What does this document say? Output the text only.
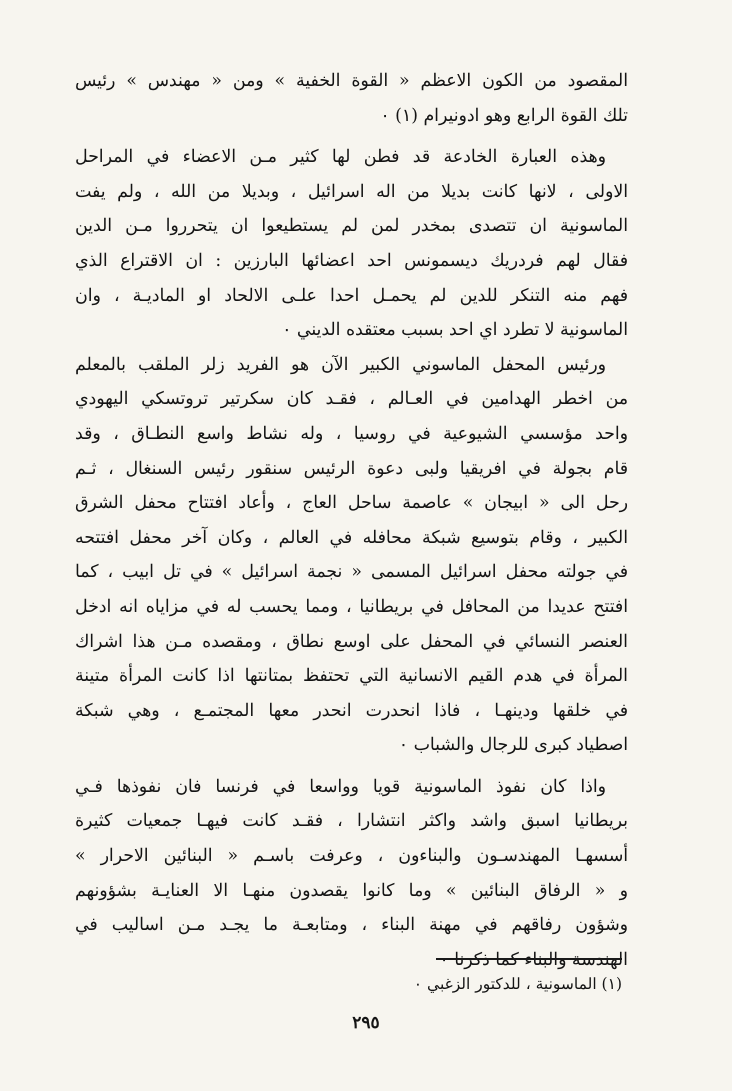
المقصود من الكون الاعظم « القوة الخفية » ومن « مهندس » رئيس
تلك القوة الرابع وهو ادونيرام (١) ٠
وهذه العبارة الخادعة قد فطن لها كثير مـن الاعضاء في المراحل
الاولى ، لانها كانت بديلا من اله اسرائيل ، وبديلا من الله ، ولم يفت
الماسونية ان تتصدى بمخدر لمن لم يستطيعوا ان يتحرروا مـن الدين
فقال لهم فردريك ديسمونس احد اعضائها البارزين : ان الاقتراع الذي
فهم منه التنكر للدين لم يحمـل احدا علـى الالحاد او الماديـة ، وان
الماسونية لا تطرد اي احد بسبب معتقده الديني ٠
ورئيس المحفل الماسوني الكبير الآن هو الفريد زلر الملقب بالمعلم
من اخطر الهدامين في العـالم ، فقـد كان سكرتير تروتسكي اليهودي
واحد مؤسسي الشيوعية في روسيا ، وله نشاط واسع النطـاق ، وقد
قام بجولة في افريقيا ولبى دعوة الرئيس سنقور رئيس السنغال ، ثـم
رحل الى « ابيجان » عاصمة ساحل العاج ، وأعاد افتتاح محفل الشرق
الكبير ، وقام بتوسيع شبكة محافله في العالم ، وكان آخر محفل افتتحه
في جولته محفل اسرائيل المسمى « نجمة اسرائيل » في تل ابيب ، كما
افتتح عديدا من المحافل في بريطانيا ، ومما يحسب له في مزاياه انه ادخل
العنصر النسائي في المحفل على اوسع نطاق ، ومقصده مـن هذا اشراك
المرأة في هدم القيم الانسانية التي تحتفظ بمتانتها اذا كانت المرأة متينة
في خلقها ودينهـا ، فاذا انحدرت انحدر معها المجتمـع ، وهي شبكة
اصطياد كبرى للرجال والشباب ٠
واذا كان نفوذ الماسونية قويا وواسعا في فرنسا فان نفوذها فـي
بريطانيا اسبق واشد واكثر انتشارا ، فقـد كانت فيهـا جمعيات كثيرة
أسسهـا المهندسـون والبناءون ، وعرفت باسـم « البنائين الاحرار »
و « الرفاق البنائين » وما كانوا يقصدون منهـا الا العنايـة بشؤونهم
وشؤون رفاقهم في مهنة البناء ، ومتابعـة ما يجـد مـن اساليب في
الهندسة والبناء كما ذكرنا ٠
(١) الماسونية ، للدكتور الزغبي ٠
٢٩٥
